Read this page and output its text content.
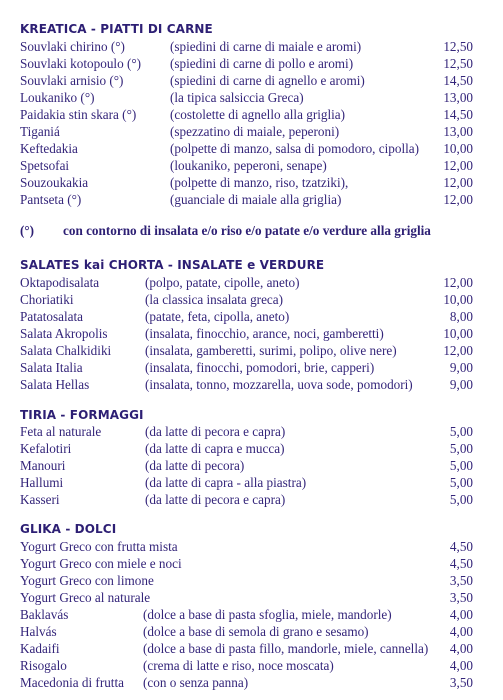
KREATICA - PIATTI DI CARNE
Souvlaki chirino (°)	(spiedini di carne di maiale e aromi)	12,50
Souvlaki kotopoulo (°) (spiedini di carne di pollo e aromi)	12,50
Souvlaki arnisio (°)	(spiedini di carne di agnello e aromi)	14,50
Loukaniko (°)	(la tipica salsiccia Greca)	13,00
Paidakia stin skara (°)	(costolette di agnello alla griglia)	14,50
Tiganiá	(spezzatino di maiale, peperoni)	13,00
Keftedakia	(polpette di manzo, salsa di pomodoro, cipolla) 10,00
Spetsofai	(loukaniko, peperoni, senape)	12,00
Souzoukakia	(polpette di manzo, riso, tzatziki),	12,00
Pantseta (°)	(guanciale di maiale alla griglia)	12,00
(°) con contorno di insalata e/o riso e/o patate e/o verdure alla griglia
SALATES kai CHORTA - INSALATE e VERDURE
Oktapodisalata	(polpo, patate, cipolle, aneto)	12,00
Choriatiki	(la classica insalata greca)	10,00
Patatosalata	(patate, feta, cipolla, aneto)	8,00
Salata Akropolis	(insalata, finocchio, arance, noci, gamberetti)	10,00
Salata Chalkidiki	(insalata, gamberetti, surimi, polipo, olive nere)	12,00
Salata Italia	(insalata, finocchi, pomodori, brie, capperi)	9,00
Salata Hellas	(insalata, tonno, mozzarella, uova sode, pomodori)	9,00
TIRIA - FORMAGGI
Feta al naturale	(da latte di pecora e capra)	5,00
Kefalotiri	(da latte di capra e mucca)	5,00
Manouri	(da latte di pecora)	5,00
Hallumi	(da latte di capra - alla piastra)	5,00
Kasseri	(da latte di pecora e capra)	5,00
GLIKA - DOLCI
Yogurt Greco con frutta mista	4,50
Yogurt Greco con miele e noci	4,50
Yogurt Greco con limone	3,50
Yogurt Greco al naturale	3,50
Baklavás	(dolce a base di pasta sfoglia, miele, mandorle)	4,00
Halvás	(dolce a base di semola di grano e sesamo)	4,00
Kadaifi	(dolce a base di pasta fillo, mandorle, miele, cannella) 4,00
Risogalo	(crema di latte e riso, noce moscata)	4,00
Macedonia di frutta (con o senza panna)	3,50
